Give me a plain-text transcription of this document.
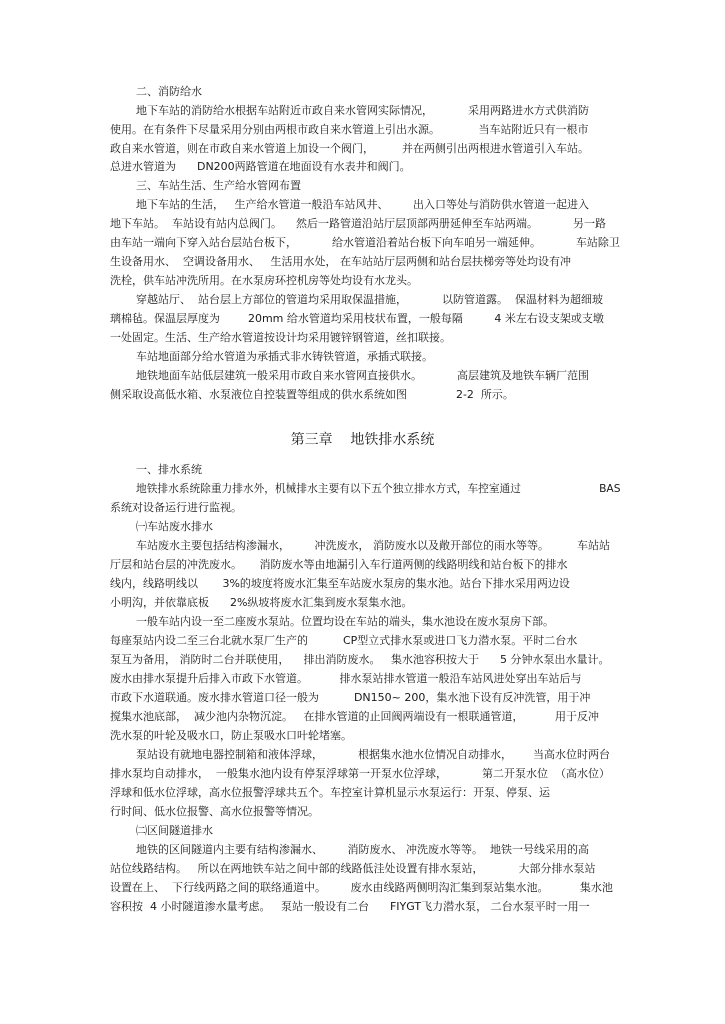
第三章    地铁排水系统
二、消防给水
地下车站的消防给水根据车站附近市政自来水管网实际情况，          采用两路进水方式供消防
使用。在有条件下尽量采用分别由两根市政自来水管道上引出水源。           当车站附近只有一根市
政自来水管道，则在市政自来水管道上加设一个阀门，        并在两侧引出两根进水管道引入车站。
总进水管道为      DN200两路管道在地面设有水表井和阀门。
三、车站生活、生产给水管网布置
地下车站的生活，   生产给水管道一般沿车站风井、       出入口等处与消防供水管道一起进入
地下车站。  车站设有站内总阀门。    然后一路管道沿站厅层顶部两册延伸至车站两端。          另一路
由车站一端向下穿入站台层站台板下，          给水管道沿着站台板下向车咱另一端延伸。          车站除卫
生设备用水、  空调设备用水、   生活用水处， 在车站站厅层两侧和站台层扶梯旁等处均设有冲
洗栓，供车站冲洗所用。在水泵房环控机房等处均设有水龙头。
穿越站厅、  站台层上方部位的管道均采用取保温措施，          以防管道露。  保温材料为超细玻
璃棉毡。保温层厚度为        20mm 给水管道均采用枝状布置，一般每隔         4 米左右设支架或支墩
一处固定。生活、生产给水管道按设计均采用镀锌钢管道，丝扣联接。
车站地面部分给水管道为承插式非水铸铁管道，承插式联接。
地铁地面车站低层建筑一般采用市政自来水管网直接供水。          高层建筑及地铁车辆厂范围
侧采取设高低水箱、水泵液位自控装置等组成的供水系统如图              2-2  所示。
一、排水系统
地铁排水系统除重力排水外，机械排水主要有以下五个独立排水方式，车控室通过                       BAS
系统对设备运行进行监视。
㈠车站废水排水
车站废水主要包括结构渗漏水，       冲洗废水， 消防废水以及敞开部位的雨水等等。        车站站
厅层和站台层的冲洗废水。     消防废水等由地漏引入车行道两侧的线路明线和站台板下的排水
线内，线路明线以       3%的坡度将废水汇集至车站废水泵房的集水池。站台下排水采用两边设
小明沟，并依靠底板      2%纵坡将废水汇集到废水泵集水池。
一般车站内设一至二座废水泵站。位置均设在车站的端头，集水池设在废水泵房下部。
每座泵站内设二至三台北就水泵厂生产的          CP型立式排水泵或进口飞力潜水泵。平时二台水
泵互为备用， 消防时二台并联使用，    排出消防废水。   集水池容积按大于      5 分钟水泵出水量计。
废水由排水泵提升后排入市政下水管道。         排水泵站排水管道一般沿车站风进处穿出车站后与
市政下水道联通。废水排水管道口径一般为          DN150~ 200，集水池下设有反冲洗管，用于冲
搅集水池底部，  减少池内杂物沉淀。   在排水管道的止回阀两端设有一根联通管道，         用于反冲
洗水泵的叶轮及吸水口，防止泵吸水口叶轮堵塞。
泵站设有就地电器控制箱和液体浮球，          根据集水池水位情况自动排水，      当高水位时两台
排水泵均自动排水，  一般集水池内设有停泵浮球第一开泵水位浮球，          第二开泵水位  （高水位）
浮球和低水位浮球，高水位报警浮球共五个。车控室计算机显示水泵运行：开泵、停泵、运
行时间、低水位报警、高水位报警等情况。
㈡区间隧道排水
地铁的区间隧道内主要有结构渗漏水、       消防废水、 冲洗废水等等。  地铁一号线采用的高
站位线路结构。   所以在两地铁车站之间中部的线路低洼处设置有排水泵站，          大部分排水泵站
设置在上、  下行线两路之间的联络通道中。       废水由线路两侧明沟汇集到泵站集水池。         集水池
容积按  4 小时隧道渗水量考虑。   泵站一般设有二台      FIYGT飞力潜水泵， 二台水泵平时一用一
